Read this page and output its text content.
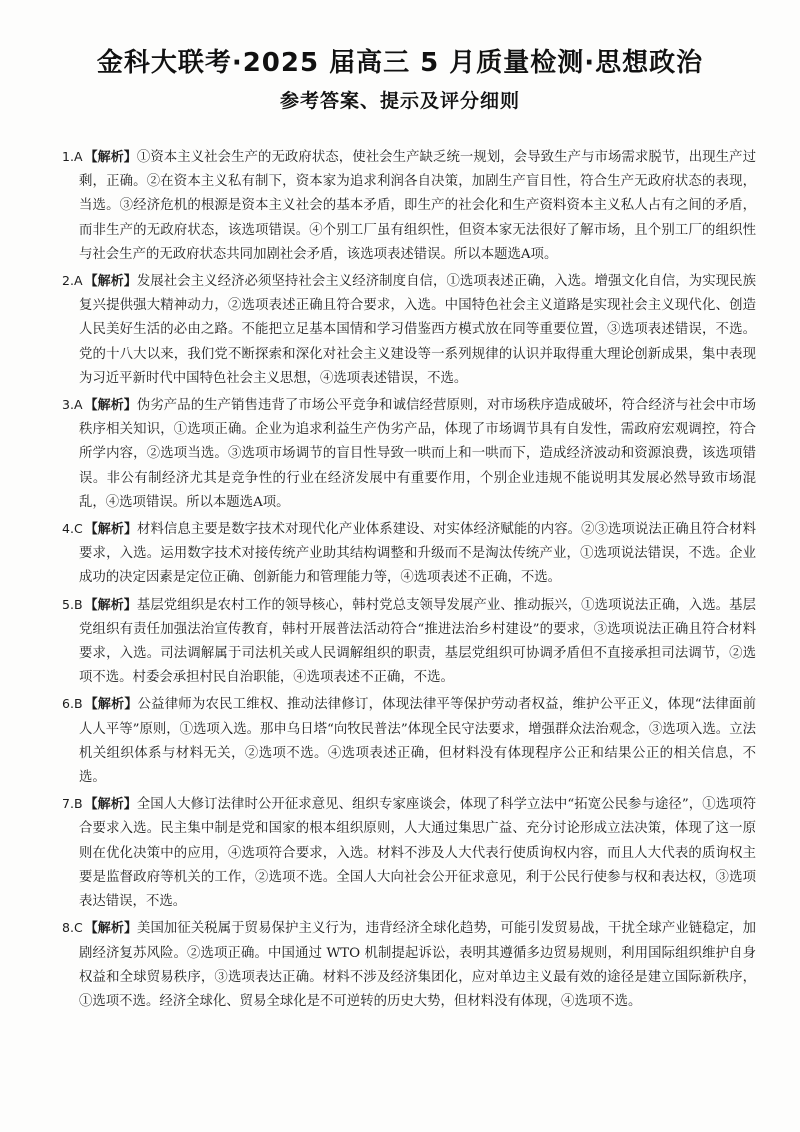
金科大联考·2025 届高三 5 月质量检测·思想政治
参考答案、提示及评分细则

1.A 【解析】①资本主义社会生产的无政府状态，使社会生产缺乏统一规划，会导致生产与市场需求脱节，出现生产过剩，正确。②在资本主义私有制下，资本家为追求利润各自决策，加剧生产盲目性，符合生产无政府状态的表现，当选。③经济危机的根源是资本主义社会的基本矛盾，即生产的社会化和生产资料资本主义私人占有之间的矛盾，而非生产的无政府状态，该选项错误。④个别工厂虽有组织性，但资本家无法很好了解市场，且个别工厂的组织性与社会生产的无政府状态共同加剧社会矛盾，该选项表述错误。所以本题选A项。

2.A 【解析】发展社会主义经济必须坚持社会主义经济制度自信，①选项表述正确，入选。增强文化自信，为实现民族复兴提供强大精神动力，②选项表述正确且符合要求，入选。中国特色社会主义道路是实现社会主义现代化、创造人民美好生活的必由之路。不能把立足基本国情和学习借鉴西方模式放在同等重要位置，③选项表述错误，不选。党的十八大以来，我们党不断探索和深化对社会主义建设等一系列规律的认识并取得重大理论创新成果，集中表现为习近平新时代中国特色社会主义思想，④选项表述错误，不选。

3.A 【解析】伪劣产品的生产销售违背了市场公平竞争和诚信经营原则，对市场秩序造成破坏，符合经济与社会中市场秩序相关知识，①选项正确。企业为追求利益生产伪劣产品，体现了市场调节具有自发性，需政府宏观调控，符合所学内容，②选项当选。③选项市场调节的盲目性导致一哄而上和一哄而下，造成经济波动和资源浪费，该选项错误。非公有制经济尤其是竞争性的行业在经济发展中有重要作用，个别企业违规不能说明其发展必然导致市场混乱，④选项错误。所以本题选A项。

4.C 【解析】材料信息主要是数字技术对现代化产业体系建设、对实体经济赋能的内容。②③选项说法正确且符合材料要求，入选。运用数字技术对接传统产业助其结构调整和升级而不是淘汰传统产业，①选项说法错误，不选。企业成功的决定因素是定位正确、创新能力和管理能力等，④选项表述不正确，不选。

5.B 【解析】基层党组织是农村工作的领导核心，韩村党总支领导发展产业、推动振兴，①选项说法正确，入选。基层党组织有责任加强法治宣传教育，韩村开展普法活动符合“推进法治乡村建设”的要求，③选项说法正确且符合材料要求，入选。司法调解属于司法机关或人民调解组织的职责，基层党组织可协调矛盾但不直接承担司法调节，②选项不选。村委会承担村民自治职能，④选项表述不正确，不选。

6.B 【解析】公益律师为农民工维权、推动法律修订，体现法律平等保护劳动者权益，维护公平正义，体现“法律面前人人平等”原则，①选项入选。那申乌日塔“向牧民普法”体现全民守法要求，增强群众法治观念，③选项入选。立法机关组织体系与材料无关，②选项不选。④选项表述正确，但材料没有体现程序公正和结果公正的相关信息，不选。

7.B 【解析】全国人大修订法律时公开征求意见、组织专家座谈会，体现了科学立法中“拓宽公民参与途径”，①选项符合要求入选。民主集中制是党和国家的根本组织原则，人大通过集思广益、充分讨论形成立法决策，体现了这一原则在优化决策中的应用，④选项符合要求，入选。材料不涉及人大代表行使质询权内容，而且人大代表的质询权主要是监督政府等机关的工作，②选项不选。全国人大向社会公开征求意见，利于公民行使参与权和表达权，③选项表达错误，不选。

8.C 【解析】美国加征关税属于贸易保护主义行为，违背经济全球化趋势，可能引发贸易战，干扰全球产业链稳定，加剧经济复苏风险。②选项正确。中国通过 WTO 机制提起诉讼，表明其遵循多边贸易规则，利用国际组织维护自身权益和全球贸易秩序，③选项表达正确。材料不涉及经济集团化，应对单边主义最有效的途径是建立国际新秩序，①选项不选。经济全球化、贸易全球化是不可逆转的历史大势，但材料没有体现，④选项不选。
